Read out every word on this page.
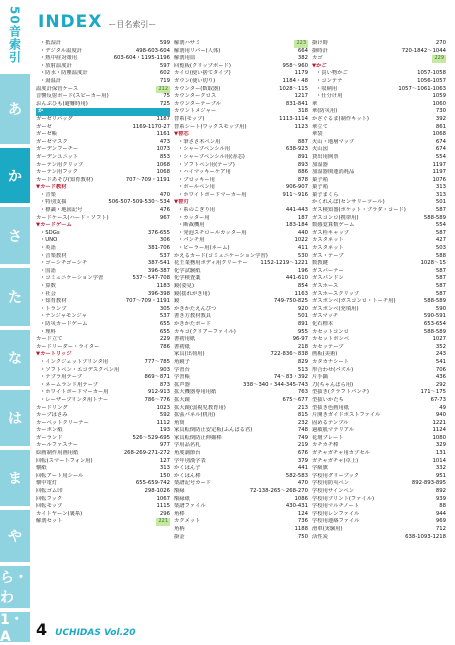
50音索引
あ
か
さ
た
な
は
ま
や
ら・わ
1・A
INDEX ー目名索引ー
・抵湿計	599
・デジタル温度計	498-603-604
・熱中症対策用	603-604・1195-1196
・放射温度計	597
・防水・防塵温度計	602
・湯温計	719
温度計保管ケース	212
音響反射ボード(スピーカー用)	75
おんぶひも(避難時用)	725
か
ガーゼリバッグ	1187
ガーゼ	1169-1170-27
ガーゼ帳	1161
ガーゼマスク	473
ガーデンフーチー	1073
ガーデンユニット	853
カーテン用クリップ	1068
カーテン用フック	1068
カードあそび(知育教材)	707〜709・1191
▼カード教材
・音楽	470
・特別支援	506-507-509-530〜534
・標識・地図記号	476
カードケース(ハード・ソフト)	967
▼カードゲーム
・SDGs	376-655
・UNO	306
・英語	381-706
・音楽教材	537
・ゴーシチゴーシチ	387-541
・国語	396-387
・コミュニケーション学習	537〜547-708
・算数	1183
・社会	396-398
・知育教材	707〜709・1191
・トランプ	305
・ナンジャモンジャ	537
・防災カードゲーム	655
・理科	655
カード立て	229
カードリーダー・ライター	786
▼カートリッジ
・インクジェットプリンタ用	777〜785
・ソフトペン・エコデスクペン用	903
・テプラ用テープ	869〜871
・ネームランド用テープ	873
・ホワイトボードマーカー用	912-913
・レーザープリンタ用トナー	786〜776
カードリング	1023
カーブはさみ	592
カーペットクリーナー	1112
カーボン紙	193
ガーランド	526〜529-695
カールファスナー	977
絵画制作用画用紙	268-269-271-272
回転(スマートフォン用)	127
懐紙	313
回転アート用シール	150
懐中電灯	655-659-742
回転ゴム印	298-1026
回転フック	1067
回転モップ	1115
カイトヤーン(裏糸)	296
解剖セット	221
解剖ハサミ	223
解剖用リバー(人体)	664
解剖用皿	382
回覧板(クリップボード)	958〜960
カイロ(使い捨てタイプ)	1179
ガウン(使い切り)	1184・48
カウンター(数取器)	1028〜115
カウンタークロス	1217
カウンターテーブル	831-841
カウントメジャー	318
替糸(モップ)	1113-1114
替糸シート(ワックスモップ用)	1123
▼替芯
・筆ささ木ペン用	887
・シャープペンシル用	638-923
・シャープペンシル用(赤芯)	891
・ソフトペン用(テープ)	893
・ハイマッキーケア用	886
・ブロッキー用	878
・ボールペン用	906-907
・ホワイトボードマーカー用	911〜916
▼替刃
・糸のこぎり用	441-443
・カッター用	187
・断裁機用	183-184
・発泡スチロールカッター用	440
・パンチ用	1022
・ピーラー用(ネーム)	411
かえるカード(コミュニケーション学習)	530
花王業務用ボディ用クリーナー 1152-1219〜1221
化学試験紙	196
化学検査薬	441-610
鏡(姿見)	854
鏡(揺れがき用)	1163
鏡	749-750-825
かきかたえんぴつ	920
書き方教材教具	501
かきかたボード	891
カキコ(クリアーファイル)	955
書初用紙	96-97
書初紙	218
家具(出荷用)	722-836〜838
角鏡子	829
学習台	513
学習帳	74〜83・392
拡声器	338〜340・344-345-743
拡大機器専用用紙	763
拡大鏡	675〜677
拡大鏡(弱視児教育用)	213
拡張パネル(机用)	815
角筒	232
家具転倒防止安定板(ふんばる君)	748
家具転倒防止伸縮棒	749
学用品名札	219
角度調節台	676
学年別漢字表	379
かくはん子	441
かくはん棒	582-583
楽譜記号カード	470
額縁	72-138-265〜268-270
額縁紙	1086
楽譜ファイル	430-431
角棒	124
カクメット	736
角柄	1188
掛金	750
掛け時	270
掛時計	720-1842〜1044
カゴ	229
▼かご
・買い物かご	1057-1058
・コンテナ	1056-1057
・収納用	1057〜1061-1063
・仕分け用	1059
傘	1060
傘(防災用)	730
かざぐるま(制作キット)	392
傘立て	861
傘袋	1068
火山・地層マップ	674
火山図	674
貸出用開票	554
加湿器	1197
加湿器関連消耗品	1197
菓子箱	1076
菓子箱	313
菓子まくら	313
かくれんぼ(センサリーツール)	501
ガス検知器(ポケット・ブラダ・コード)	587
ガスコンロ(携帯用)	588-589
数感覚算数ゲーム	554
ガス栓キャップ	587
カスタネット	427
カスタネット	503
ガス・テーブ	588
数教鍵	1028〜15
ガスバーナー	587
ガスバンドン	587
ガスホース	587
ガスホースクリップ	587
ガスボンベ(ガスコンロ・トーチ用)	588-589
ガスボンベ(充填用)	590
ガスマッチ	590-591
化石標本	653-654
カセットコンロ	588-589
カセットボンベ	1027
カセッテープ	352
画板(美術)	243
カタカナシート	541
形合わせ(パズル)	706
片手鍋	436
刀(ちゃんばら用)	292
型抜き(クラフトパンチ)	171〜175
型抜いかたち	67-73
型抜き色画用紙	49
片開きガイドポストファイル	940
固めるテンプル	1221
過敏肌マテリアル	1124
花壇プレート	1080
カチカチ棒	329
ガチャガチャ用カプセル	131
ガチャガチャ(卓上)	1014
学級旗	332
学校用グリーブック	951
学校用防災ペン	892-893-895
学校用サインペン	892
学校用プリント(ファイル)	939
学校用マルチノート	88
学校用レンファイル	944
学校用連絡ファイル	969
滑車(実験用)	712
活性炭	638-1093-1218
4 UCHIDAS Vol.20
